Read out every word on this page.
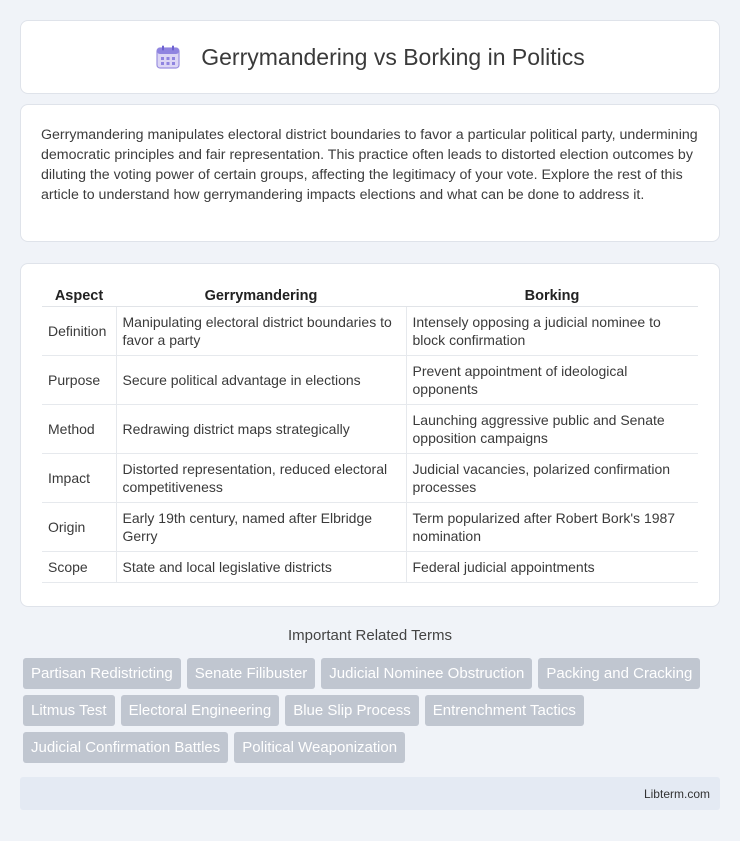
Gerrymandering vs Borking in Politics

Gerrymandering manipulates electoral district boundaries to favor a particular political party, undermining democratic principles and fair representation. This practice often leads to distorted election outcomes by diluting the voting power of certain groups, affecting the legitimacy of your vote. Explore the rest of this article to understand how gerrymandering impacts elections and what can be done to address it.

Aspect	Gerrymandering	Borking
Definition	Manipulating electoral district boundaries to favor a party	Intensely opposing a judicial nominee to block confirmation
Purpose	Secure political advantage in elections	Prevent appointment of ideological opponents
Method	Redrawing district maps strategically	Launching aggressive public and Senate opposition campaigns
Impact	Distorted representation, reduced electoral competitiveness	Judicial vacancies, polarized confirmation processes
Origin	Early 19th century, named after Elbridge Gerry	Term popularized after Robert Bork's 1987 nomination
Scope	State and local legislative districts	Federal judicial appointments
Important Related Terms
Partisan Redistricting	Senate Filibuster	Judicial Nominee Obstruction	Packing and Cracking
Litmus Test	Electoral Engineering	Blue Slip Process	Entrenchment Tactics
Judicial Confirmation Battles	Political Weaponization
Libterm.com
